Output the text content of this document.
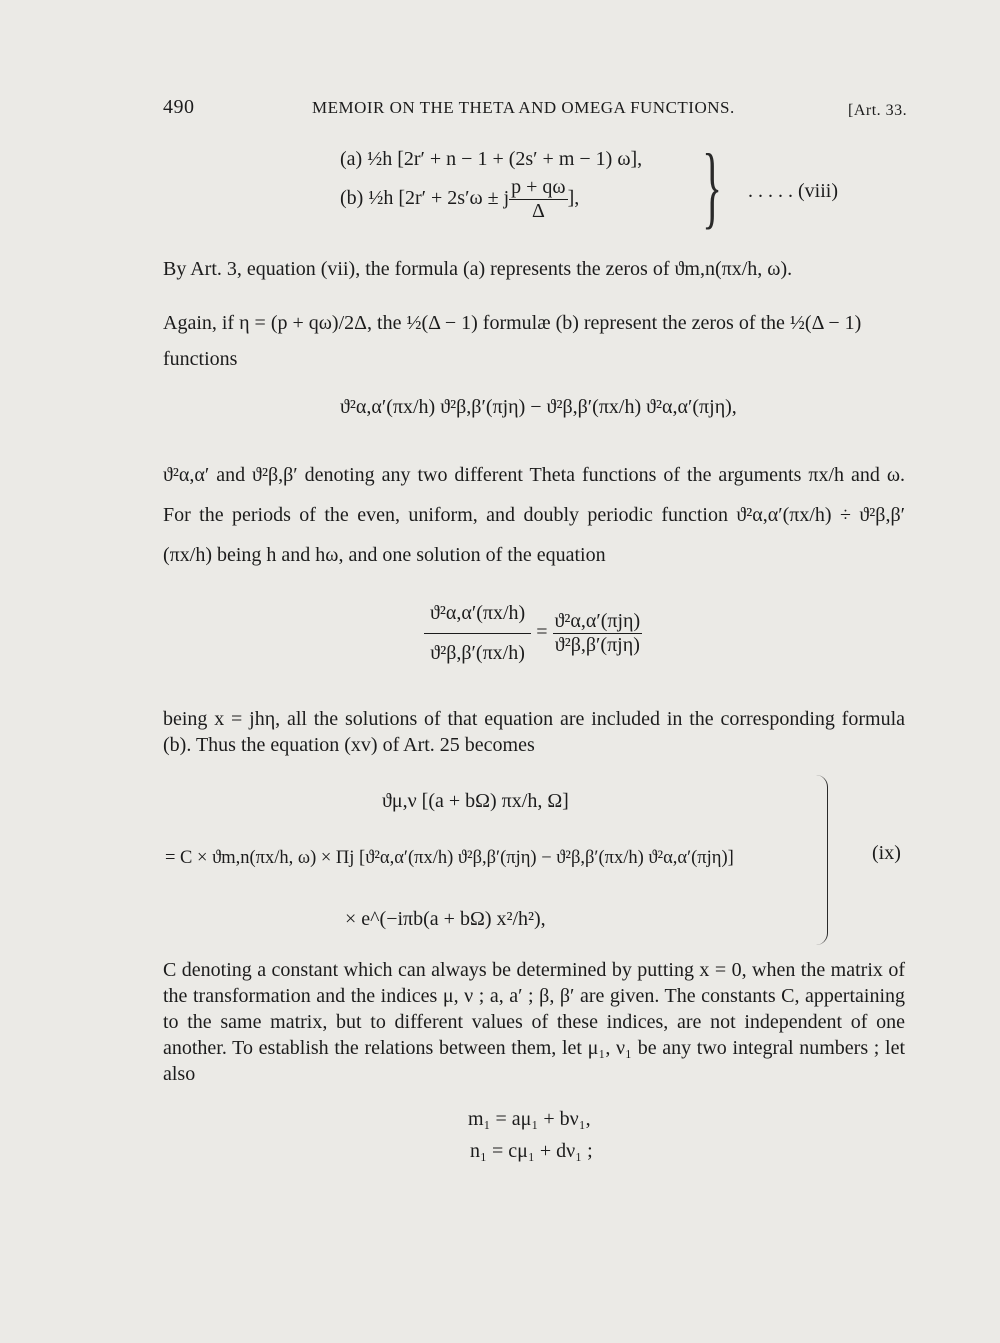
490	MEMOIR ON THE THETA AND OMEGA FUNCTIONS.	[Art. 33.
(a) ½h [2r′ + n − 1 + (2s′ + m − 1) ω],
(b) ½h [2r′ + 2s′ω ± j $\frac{p + q\omega}{\Delta}$ ], } . . . . . (viii)
By Art. 3, equation (vii), the formula (a) represents the zeros of ϑm,n(πx/h, ω).
Again, if η = (p + qω)/2Δ, the ½(Δ − 1) formulæ (b) represent the zeros of the ½(Δ − 1)
functions
ϑ²α,α′(πx/h) ϑ²β,β′(πjη) − ϑ²β,β′(πx/h) ϑ²α,α′(πjη),
ϑ²α,α′ and ϑ²β,β′ denoting any two different Theta functions of the arguments πx/h and ω. For the periods of the even, uniform, and doubly periodic function ϑ²α,α′(πx/h) ÷ ϑ²β,β′(πx/h) being h and hω, and one solution of the equation
$\frac{\text{ϑ²α,α′(πx/h)}}{\text{ϑ²β,β′(πx/h)}} = \frac{\text{ϑ²α,α′(πjη)}}{\text{ϑ²β,β′(πjη)}}$
being x = jhη, all the solutions of that equation are included in the corresponding formula (b). Thus the equation (xv) of Art. 25 becomes
ϑμ,ν [(a + bΩ) πx/h, Ω]
= C × ϑm,n(πx/h, ω) × Πj [ϑ²α,α′(πx/h) ϑ²β,β′(πjη) − ϑ²β,β′(πx/h) ϑ²α,α′(πjη)]
× e^(−iπb(a + bΩ) x²/h²),
(ix)
C denoting a constant which can always be determined by putting x = 0, when the matrix of the transformation and the indices μ, ν ; a, a′ ; β, β′ are given. The constants C, appertaining to the same matrix, but to different values of these indices, are not independent of one another. To establish the relations between them, let μ₁, ν₁ be any two integral numbers ; let also
m₁ = aμ₁ + bν₁,
n₁ = cμ₁ + dν₁ ;
